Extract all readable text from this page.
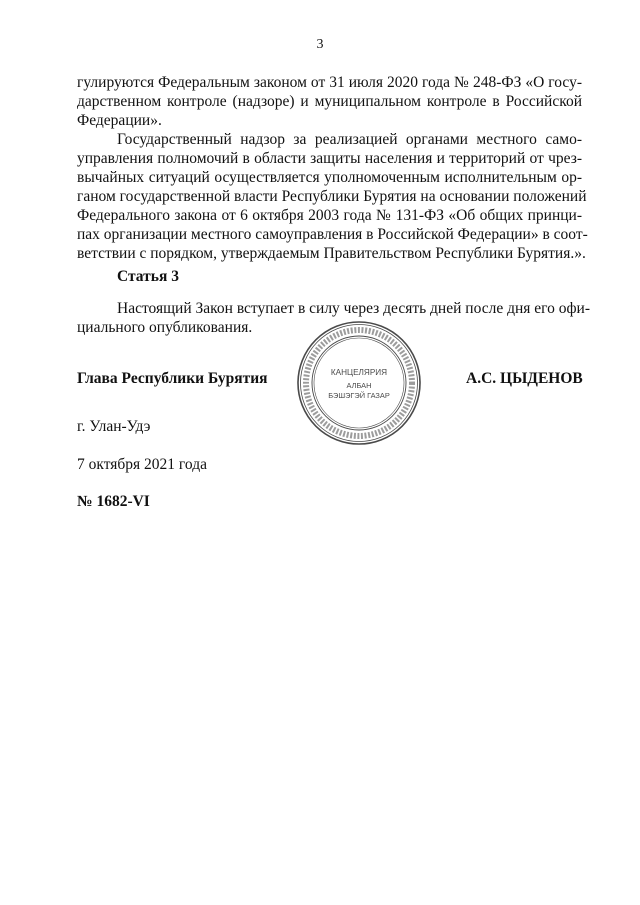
3
гулируются Федеральным законом от 31 июля 2020 года № 248-ФЗ «О госу-
дарственном контроле (надзоре) и муниципальном контроле в Российской
Федерации».
Государственный надзор за реализацией органами местного само-
управления полномочий в области защиты населения и территорий от чрез-
вычайных ситуаций осуществляется уполномоченным исполнительным ор-
ганом государственной власти Республики Бурятия на основании положений
Федерального закона от 6 октября 2003 года № 131-ФЗ «Об общих принци-
пах организации местного самоуправления в Российской Федерации» в соот-
ветствии с порядком, утверждаемым Правительством Республики Бурятия.».
Статья 3
Настоящий Закон вступает в силу через десять дней после дня его офи-
циального опубликования.
Глава Республики Бурятия	А.С. ЦЫДЕНОВ
КАНЦЕЛЯРИЯ
АЛБАН
БЭШЭГЭЙ ГАЗАР
г. Улан-Удэ
7 октября 2021 года
№ 1682-VI
